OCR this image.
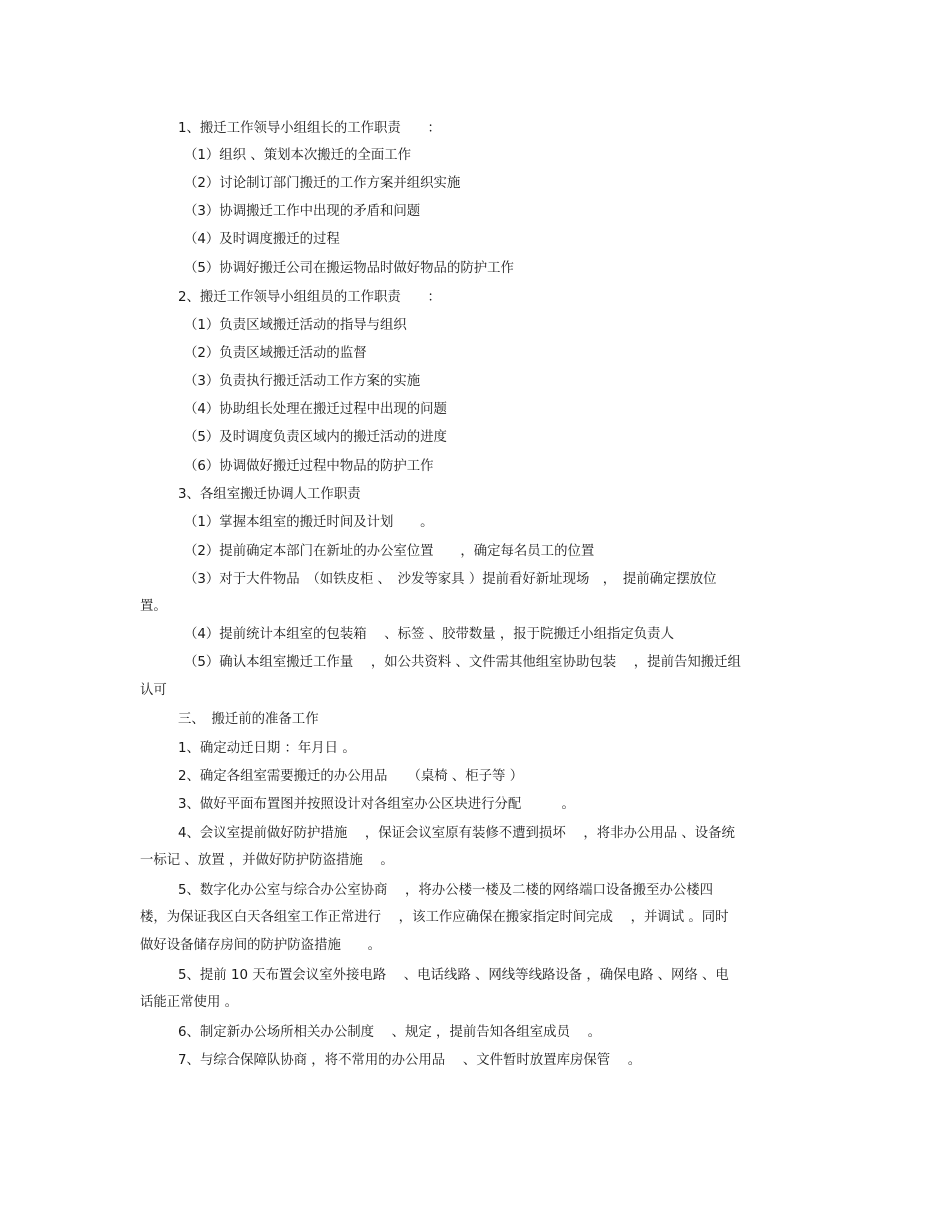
1、搬迁工作领导小组组长的工作职责　　：
（1）组织 、策划本次搬迁的全面工作
（2）讨论制订部门搬迁的工作方案并组织实施
（3）协调搬迁工作中出现的矛盾和问题
（4）及时调度搬迁的过程
（5）协调好搬迁公司在搬运物品时做好物品的防护工作
2、搬迁工作领导小组组员的工作职责　　：
（1）负责区域搬迁活动的指导与组织
（2）负责区域搬迁活动的监督
（3）负责执行搬迁活动工作方案的实施
（4）协助组长处理在搬迁过程中出现的问题
（5）及时调度负责区域内的搬迁活动的进度
（6）协调做好搬迁过程中物品的防护工作
3、各组室搬迁协调人工作职责
（1）掌握本组室的搬迁时间及计划　　。
（2）提前确定本部门在新址的办公室位置　　，确定每名员工的位置
（3）对于大件物品　（如铁皮柜 、　沙发等家具 ）提前看好新址现场　，　提前确定摆放位
置。
（4）提前统计本组室的包装箱　 、标签 、胶带数量 ，报于院搬迁小组指定负责人
（5）确认本组室搬迁工作量　 ，如公共资料 、文件需其他组室协助包装　 ，提前告知搬迁组
认可
三、　搬迁前的准备工作
1、确定动迁日期 ：年月日 。
2、确定各组室需要搬迁的办公用品　　（桌椅 、柜子等 ）
3、做好平面布置图并按照设计对各组室办公区块进行分配　　　。
4、会议室提前做好防护措施　 ，保证会议室原有装修不遭到损坏　 ，将非办公用品 、设备统
一标记 、放置 ，并做好防护防盗措施　 。
5、数字化办公室与综合办公室协商　 ，将办公楼一楼及二楼的网络端口设备搬至办公楼四
楼，为保证我区白天各组室工作正常进行　 ，该工作应确保在搬家指定时间完成　 ，并调试 。同时
做好设备储存房间的防护防盗措施　　。
5、提前 10 天布置会议室外接电路　 、电话线路 、网线等线路设备 ，确保电路 、网络 、电
话能正常使用 。
6、制定新办公场所相关办公制度　 、规定 ，提前告知各组室成员　 。
7、与综合保障队协商 ，将不常用的办公用品　 、文件暂时放置库房保管　 。
